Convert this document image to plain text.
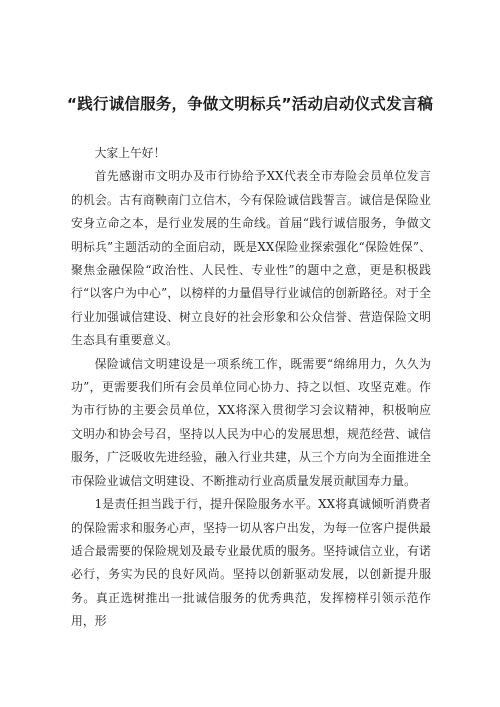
“践行诚信服务，争做文明标兵”活动启动仪式发言稿

大家上午好！

首先感谢市文明办及市行协给予XX代表全市寿险会员单位发言的机会。古有商鞅南门立信木，今有保险诚信践誓言。诚信是保险业安身立命之本，是行业发展的生命线。首届“践行诚信服务，争做文明标兵”主题活动的全面启动，既是XX保险业探索强化“保险姓保”、聚焦金融保险“政治性、人民性、专业性”的题中之意，更是积极践行“以客户为中心”，以榜样的力量倡导行业诚信的创新路径。对于全行业加强诚信建设、树立良好的社会形象和公众信誉、营造保险文明生态具有重要意义。

保险诚信文明建设是一项系统工作，既需要“绵绵用力，久久为功”，更需要我们所有会员单位同心协力、持之以恒、攻坚克难。作为市行协的主要会员单位，XX将深入贯彻学习会议精神，积极响应文明办和协会号召，坚持以人民为中心的发展思想，规范经营、诚信服务，广泛吸收先进经验，融入行业共建，从三个方向为全面推进全市保险业诚信文明建设、不断推动行业高质量发展贡献国寿力量。

1是责任担当践于行，提升保险服务水平。XX将真诚倾听消费者的保险需求和服务心声，坚持一切从客户出发，为每一位客户提供最适合最需要的保险规划及最专业最优质的服务。坚持诚信立业，有诺必行，务实为民的良好风尚。坚持以创新驱动发展，以创新提升服务。真正选树推出一批诚信服务的优秀典范，发挥榜样引领示范作用，形
